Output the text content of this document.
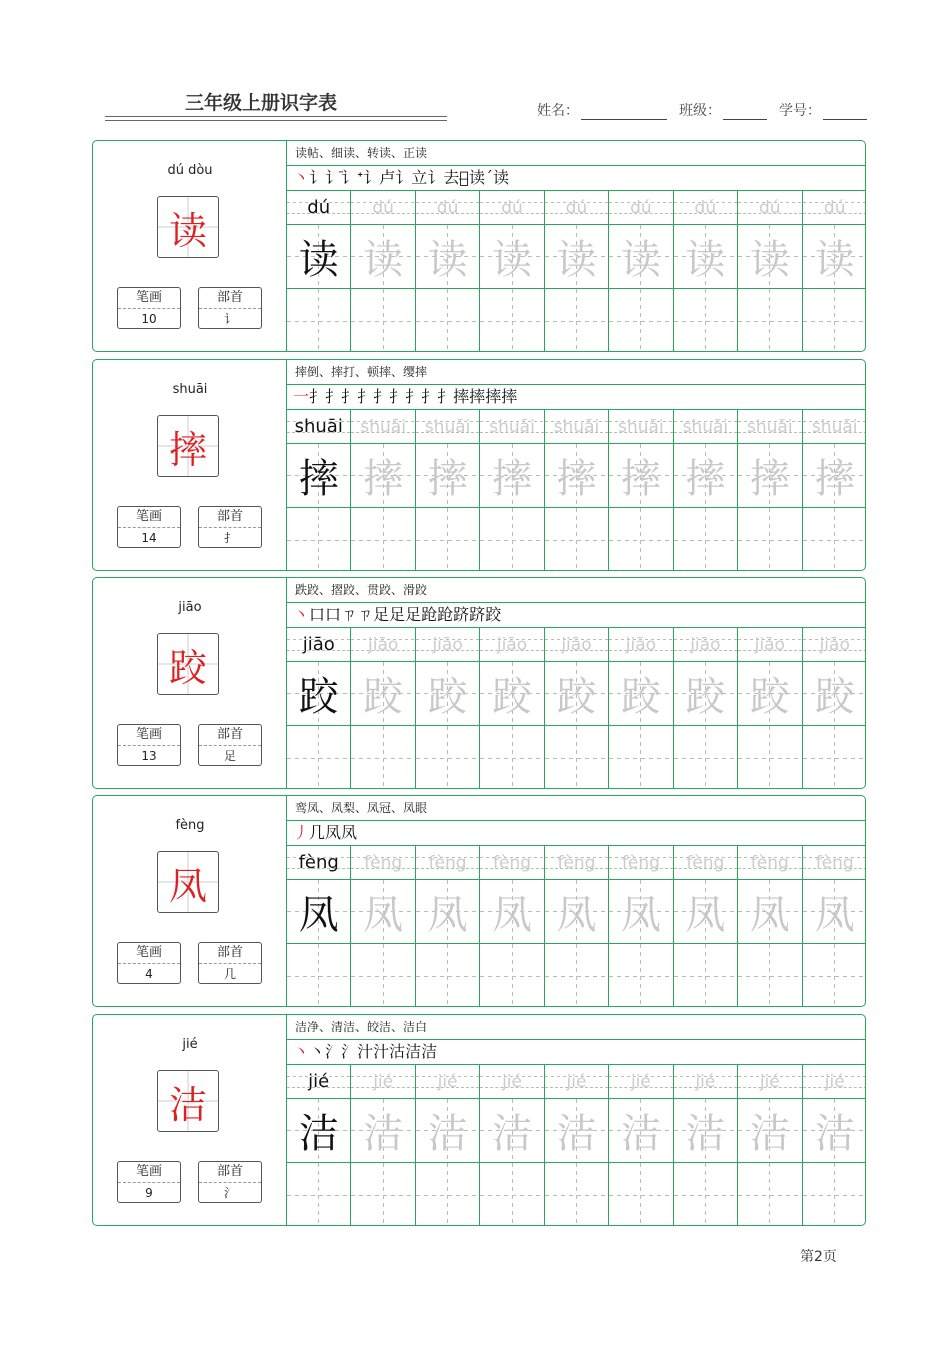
三年级上册识字表	姓名：	班级：	学号：
dú dòu
读
笔画
10
部首
讠
读帖、细读、转读、正读
丶讠讠̄讠ᐩ讠卢讠立讠去读̶读ˊ读
dú	dú	dú	dú	dú	dú	dú	dú	dú
读 读 读 读 读 读 读 读 读
shuāi
摔
笔画
14
部首
扌
摔倒、摔打、顿摔、缨摔
一扌扌扌扌扌扌扌扌扌摔摔摔摔
shuāi	shuāi	shuāi	shuāi	shuāi	shuāi	shuāi	shuāi	shuāi
摔 摔 摔 摔 摔 摔 摔 摔 摔
jiāo
跤
笔画
13
部首
足
跌跤、摺跤、贯跤、滑跤
丶口口ㄗㄗ足足足跄跄跻跻跤
jiāo	jiāo	jiāo	jiāo	jiāo	jiāo	jiāo	jiāo	jiāo
跤 跤 跤 跤 跤 跤 跤 跤 跤
fèng
凤
笔画
4
部首
几
鸾凤、凤梨、凤冠、凤眼
丿几凤凤
fèng	fèng	fèng	fèng	fèng	fèng	fèng	fèng	fèng
凤 凤 凤 凤 凤 凤 凤 凤 凤
jié
洁
笔画
9
部首
氵
洁净、清洁、皎洁、洁白
丶丶氵氵汁汁沽洁洁
jié	jié	jié	jié	jié	jié	jié	jié	jié
洁 洁 洁 洁 洁 洁 洁 洁 洁
第2页
